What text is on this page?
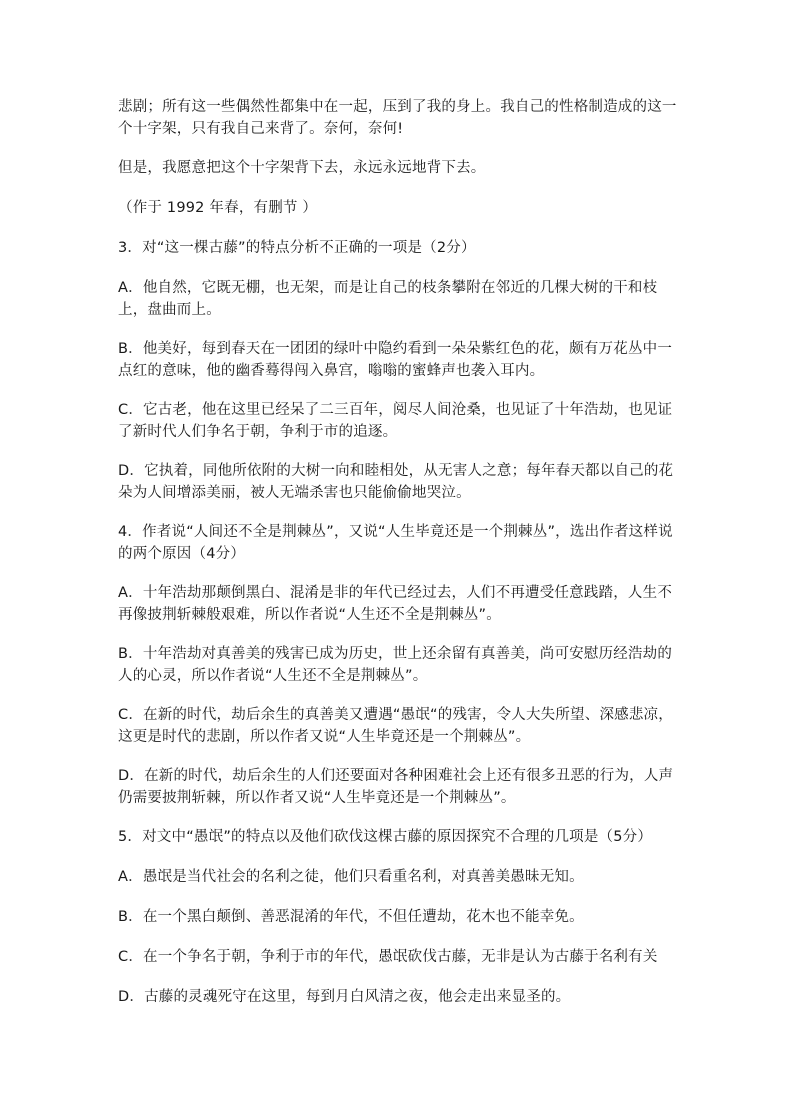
悲剧；所有这一些偶然性都集中在一起，压到了我的身上。我自己的性格制造成的这一个十字架，只有我自己来背了。奈何，奈何!

但是，我愿意把这个十字架背下去，永远永远地背下去。

（作于 1992 年春，有删节 ）

3．对“这一棵古藤”的特点分析不正确的一项是（2分）

A．他自然，它既无棚，也无架，而是让自己的枝条攀附在邻近的几棵大树的干和枝上，盘曲而上。

B．他美好，每到春天在一团团的绿叶中隐约看到一朵朵紫红色的花，颇有万花丛中一点红的意味，他的幽香蓦得闯入鼻宫，嗡嗡的蜜蜂声也袭入耳内。

C．它古老，他在这里已经呆了二三百年，阅尽人间沧桑，也见证了十年浩劫，也见证了新时代人们争名于朝，争利于市的追逐。

D．它执着，同他所依附的大树一向和睦相处，从无害人之意；每年春天都以自己的花朵为人间增添美丽，被人无端杀害也只能偷偷地哭泣。

4．作者说“人间还不全是荆棘丛”，又说“人生毕竟还是一个荆棘丛”，选出作者这样说的两个原因（4分）

A．十年浩劫那颠倒黑白、混淆是非的年代已经过去，人们不再遭受任意践踏，人生不再像披荆斩棘般艰难，所以作者说“人生还不全是荆棘丛”。

B．十年浩劫对真善美的残害已成为历史，世上还余留有真善美，尚可安慰历经浩劫的人的心灵，所以作者说“人生还不全是荆棘丛”。

C．在新的时代，劫后余生的真善美又遭遇“愚氓“的残害，令人大失所望、深感悲凉，这更是时代的悲剧，所以作者又说“人生毕竟还是一个荆棘丛”。

D．在新的时代，劫后余生的人们还要面对各种困难社会上还有很多丑恶的行为，人声仍需要披荆斩棘，所以作者又说“人生毕竟还是一个荆棘丛”。

5．对文中“愚氓”的特点以及他们砍伐这棵古藤的原因探究不合理的几项是（5分）

A．愚氓是当代社会的名利之徒，他们只看重名利，对真善美愚昧无知。

B．在一个黑白颠倒、善恶混淆的年代，不但任遭劫，花木也不能幸免。

C．在一个争名于朝，争利于市的年代，愚氓砍伐古藤，无非是认为古藤于名利有关

D．古藤的灵魂死守在这里，每到月白风清之夜，他会走出来显圣的。
